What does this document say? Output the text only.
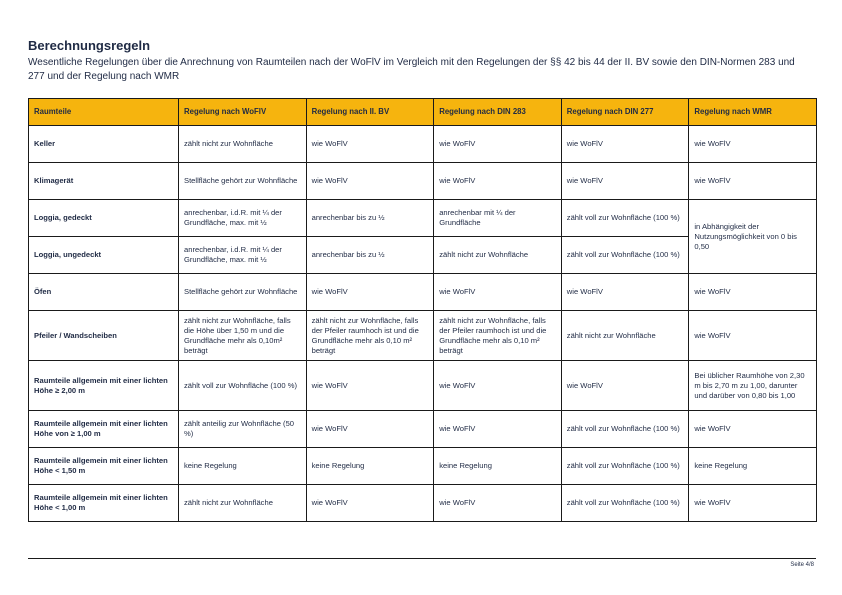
Berechnungsregeln
Wesentliche Regelungen über die Anrechnung von Raumteilen nach der WoFlV im Vergleich mit den Regelungen der §§ 42 bis 44 der II. BV sowie den DIN-Normen 283 und 277 und der Regelung nach WMR
Raumteile	Regelung nach WoFlV	Regelung nach II. BV	Regelung nach DIN 283	Regelung nach DIN 277	Regelung nach WMR
Keller	zählt nicht zur Wohnfläche	wie WoFlV	wie WoFlV	wie WoFlV	wie WoFlV
Klimagerät	Stellfläche gehört zur Wohnfläche	wie WoFlV	wie WoFlV	wie WoFlV	wie WoFlV
Loggia, gedeckt	anrechenbar, i.d.R. mit ¼ der Grundfläche, max. mit ½	anrechenbar bis zu ½	anrechenbar mit ¼ der Grundfläche	zählt voll zur Wohnfläche (100 %)	in Abhängigkeit der Nutzungsmöglichkeit von 0 bis 0,50
Loggia, ungedeckt	anrechenbar, i.d.R. mit ¼ der Grundfläche, max. mit ½	anrechenbar bis zu ½	zählt nicht zur Wohnfläche	zählt voll zur Wohnfläche (100 %)	
Öfen	Stellfläche gehört zur Wohnfläche	wie WoFlV	wie WoFlV	wie WoFlV	wie WoFlV
Pfeiler / Wandscheiben	zählt nicht zur Wohnfläche, falls die Höhe über 1,50 m und die Grundfläche mehr als 0,10m² beträgt	zählt nicht zur Wohnfläche, falls der Pfeiler raumhoch ist und die Grundfläche mehr als 0,10 m² beträgt	zählt nicht zur Wohnfläche, falls der Pfeiler raumhoch ist und die Grundfläche mehr als 0,10 m² beträgt	zählt nicht zur Wohnfläche	wie WoFlV
Raumteile allgemein mit einer lichten Höhe ≥ 2,00 m	zählt voll zur Wohnfläche (100 %)	wie WoFlV	wie WoFlV	wie WoFlV	Bei üblicher Raumhöhe von 2,30 m bis 2,70 m zu 1,00, darunter und darüber von 0,80 bis 1,00
Raumteile allgemein mit einer lichten Höhe von ≥ 1,00 m	zählt anteilig zur Wohnfläche (50 %)	wie WoFlV	wie WoFlV	zählt voll zur Wohnfläche (100 %)	wie WoFlV
Raumteile allgemein mit einer lichten Höhe < 1,50 m	keine Regelung	keine Regelung	keine Regelung	zählt voll zur Wohnfläche (100 %)	keine Regelung
Raumteile allgemein mit einer lichten Höhe < 1,00 m	zählt nicht zur Wohnfläche	wie WoFlV	wie WoFlV	zählt voll zur Wohnfläche (100 %)	wie WoFlV
Seite 4/8
